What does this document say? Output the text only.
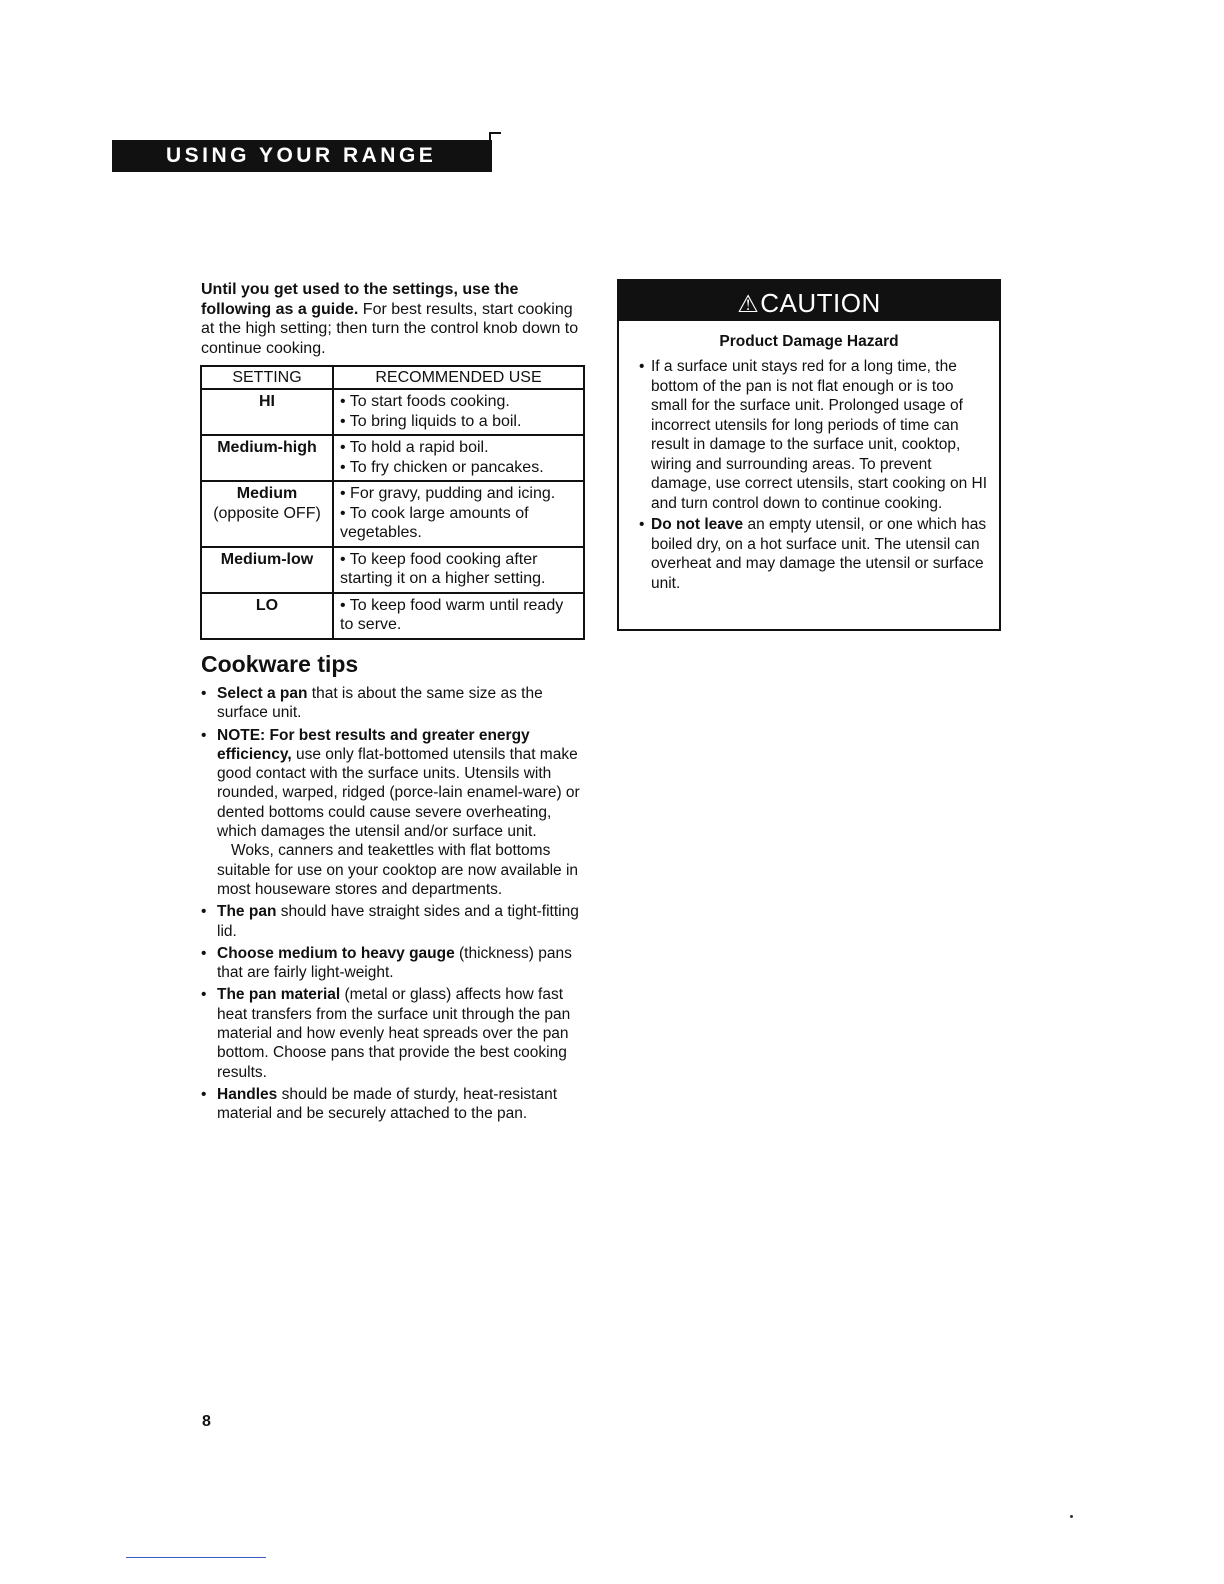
USING YOUR RANGE
Until you get used to the settings, use the following as a guide. For best results, start cooking at the high setting; then turn the control knob down to continue cooking.
SETTING	RECOMMENDED USE
HI	• To start foods cooking.
• To bring liquids to a boil.

Medium-high	• To hold a rapid boil.
• To fry chicken or pancakes.

Medium
(opposite OFF)	• For gravy, pudding and icing.
• To cook large amounts of vegetables.

Medium-low	• To keep food cooking after starting it on a higher setting.

LO	• To keep food warm until ready to serve.
Cookware tips
• Select a pan that is about the same size as the surface unit.
• NOTE: For best results and greater energy efficiency, use only flat-bottomed utensils that make good contact with the surface units. Utensils with rounded, warped, ridged (porce-lain enamel-ware) or dented bottoms could cause severe overheating, which damages the utensil and/or surface unit.
Woks, canners and teakettles with flat bottoms suitable for use on your cooktop are now available in most houseware stores and departments.
• The pan should have straight sides and a tight-fitting lid.
• Choose medium to heavy gauge (thickness) pans that are fairly light-weight.
• The pan material (metal or glass) affects how fast heat transfers from the surface unit through the pan material and how evenly heat spreads over the pan bottom. Choose pans that provide the best cooking results.
• Handles should be made of sturdy, heat-resistant material and be securely attached to the pan.
⚠CAUTION
Product Damage Hazard
• If a surface unit stays red for a long time, the bottom of the pan is not flat enough or is too small for the surface unit. Prolonged usage of incorrect utensils for long periods of time can result in damage to the surface unit, cooktop, wiring and surrounding areas. To prevent damage, use correct utensils, start cooking on HI and turn control down to continue cooking.
• Do not leave an empty utensil, or one which has boiled dry, on a hot surface unit. The utensil can overheat and may damage the utensil or surface unit.
8
